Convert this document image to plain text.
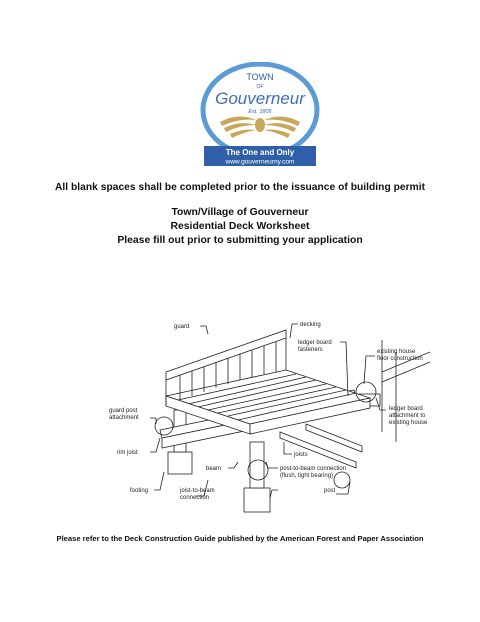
TOWN
OF
Gouverneur
Est. 1805
The One and Only
www.gouverneurny.com
All blank spaces shall be completed prior to the issuance of building permit
Town/Village of Gouverneur
Residential Deck Worksheet
Please fill out prior to submitting your application
guard	decking
ledger board
fasteners	existing house
floor construction
guard post
attachment
rim joist	joists
ledger board
attachment to
existing house
beam	post-to-beam connection
(flush, tight bearing)
post
footing	joist-to-beam
connection
Please refer to the Deck Construction Guide published by the American Forest and Paper Association
